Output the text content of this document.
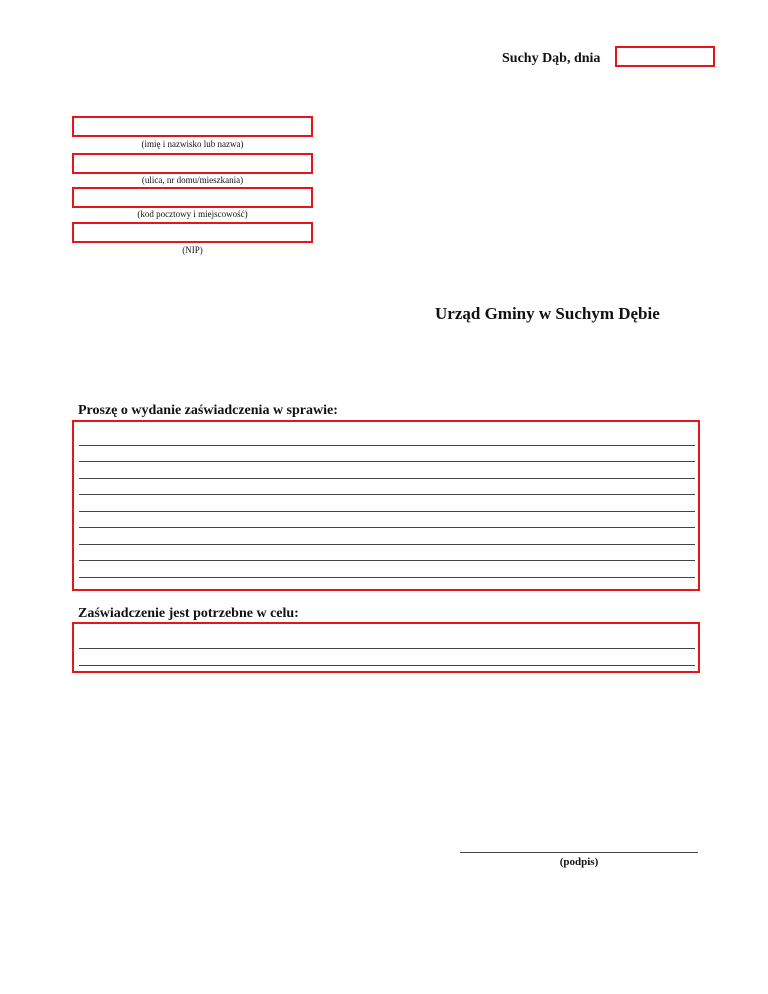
Suchy Dąb, dnia
(imię i nazwisko lub nazwa)
(ulica, nr domu/mieszkania)
(kod pocztowy i miejscowość)
(NIP)
Urząd Gminy w Suchym Dębie
Proszę o wydanie zaświadczenia w sprawie:
Zaświadczenie jest potrzebne w celu:
(podpis)
